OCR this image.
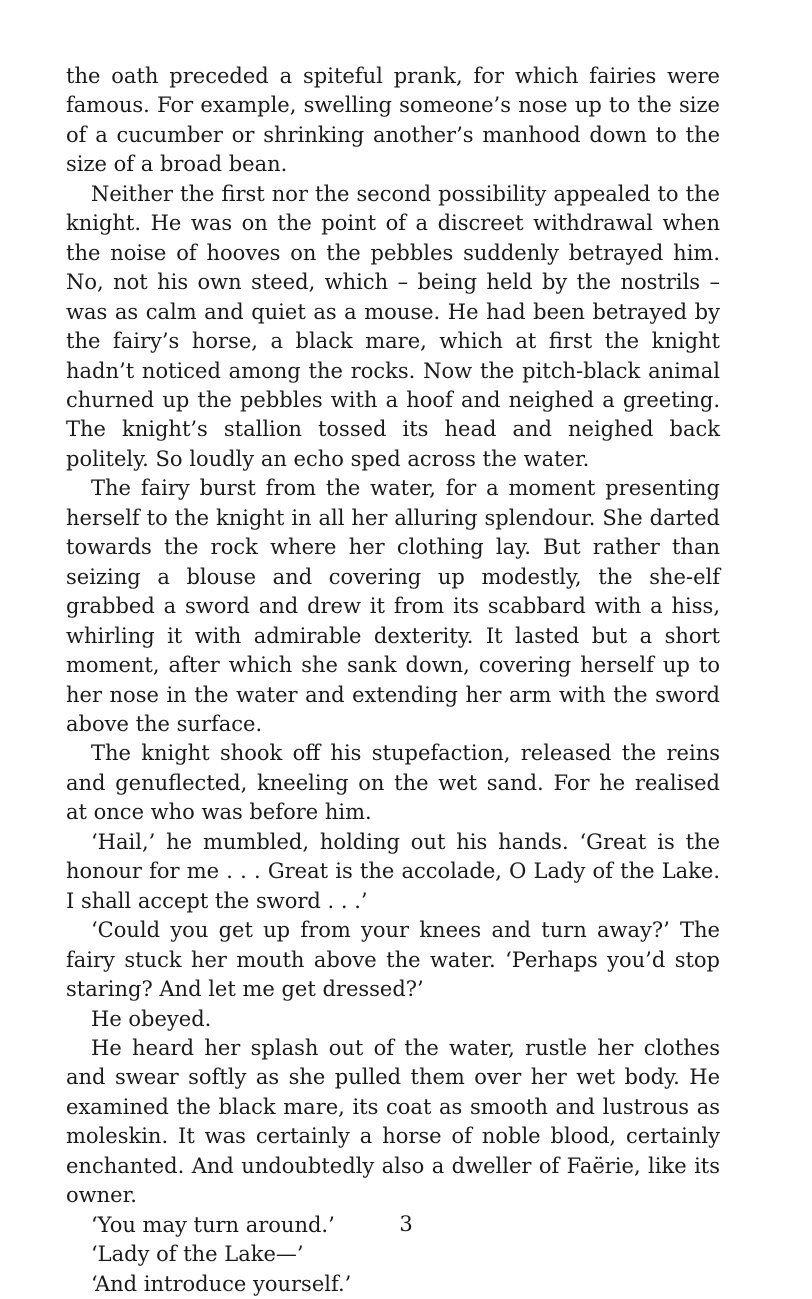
the oath preceded a spiteful prank, for which fairies were famous. For example, swelling someone’s nose up to the size of a cucumber or shrinking another’s manhood down to the size of a broad bean.

Neither the first nor the second possibility appealed to the knight. He was on the point of a discreet withdrawal when the noise of hooves on the pebbles suddenly betrayed him. No, not his own steed, which – being held by the nostrils – was as calm and quiet as a mouse. He had been betrayed by the fairy’s horse, a black mare, which at first the knight hadn’t noticed among the rocks. Now the pitch-black animal churned up the pebbles with a hoof and neighed a greeting. The knight’s stallion tossed its head and neighed back politely. So loudly an echo sped across the water.

The fairy burst from the water, for a moment presenting herself to the knight in all her alluring splendour. She darted towards the rock where her clothing lay. But rather than seizing a blouse and covering up modestly, the she-elf grabbed a sword and drew it from its scabbard with a hiss, whirling it with admirable dexterity. It lasted but a short moment, after which she sank down, covering herself up to her nose in the water and extending her arm with the sword above the surface.

The knight shook off his stupefaction, released the reins and genuflected, kneeling on the wet sand. For he realised at once who was before him.

‘Hail,’ he mumbled, holding out his hands. ‘Great is the honour for me . . . Great is the accolade, O Lady of the Lake. I shall accept the sword . . .’

‘Could you get up from your knees and turn away?’ The fairy stuck her mouth above the water. ‘Perhaps you’d stop staring? And let me get dressed?’

He obeyed.

He heard her splash out of the water, rustle her clothes and swear softly as she pulled them over her wet body. He examined the black mare, its coat as smooth and lustrous as moleskin. It was certainly a horse of noble blood, certainly enchanted. And undoubtedly also a dweller of Faërie, like its owner.

‘You may turn around.’

‘Lady of the Lake—’

‘And introduce yourself.’

3
